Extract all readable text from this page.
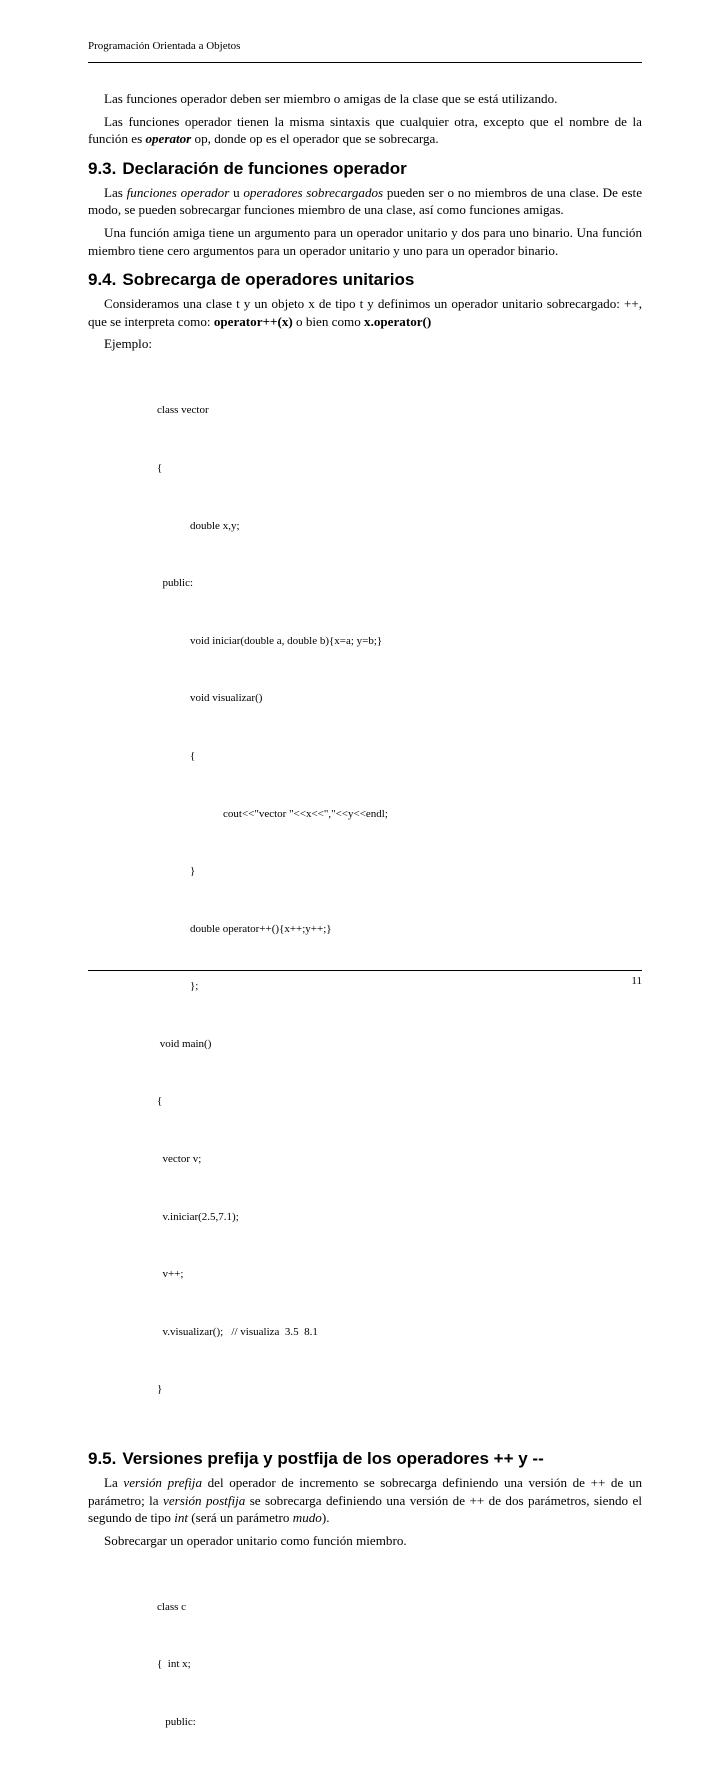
Programación Orientada a Objetos

Las funciones operador deben ser miembro o amigas de la clase que se está utilizando.

Las funciones operador tienen la misma sintaxis que cualquier otra, excepto que el nombre de la función es operator op, donde op es el operador que se sobrecarga.

9.3. Declaración de funciones operador

Las funciones operador u operadores sobrecargados pueden ser o no miembros de una clase. De este modo, se pueden sobrecargar funciones miembro de una clase, así como funciones amigas.

Una función amiga tiene un argumento para un operador unitario y dos para uno binario. Una función miembro tiene cero argumentos para un operador unitario y uno para un operador binario.

9.4. Sobrecarga de operadores unitarios

Consideramos una clase t y un objeto x de tipo t y definimos un operador unitario sobrecargado: ++, que se interpreta como: operator++(x) o bien como x.operator()

Ejemplo:

class vector

{

double x,y;

public:

void iniciar(double a, double b){x=a; y=b;}

void visualizar()

{

cout<<"vector "<<x<<","<<y<<endl;

}

double operator++(){x++;y++;}

};

void main()

{

vector v;

v.iniciar(2.5,7.1);

v++;

v.visualizar();   // visualiza  3.5  8.1

}

9.5. Versiones prefija y postfija de los operadores ++ y --

La versión prefija del operador de incremento se sobrecarga definiendo una versión de ++ de un parámetro; la versión postfija se sobrecarga definiendo una versión de ++ de dos parámetros, siendo el segundo de tipo int (será un parámetro mudo).

Sobrecargar un operador unitario como función miembro.

class c

{  int x;

public:

11
